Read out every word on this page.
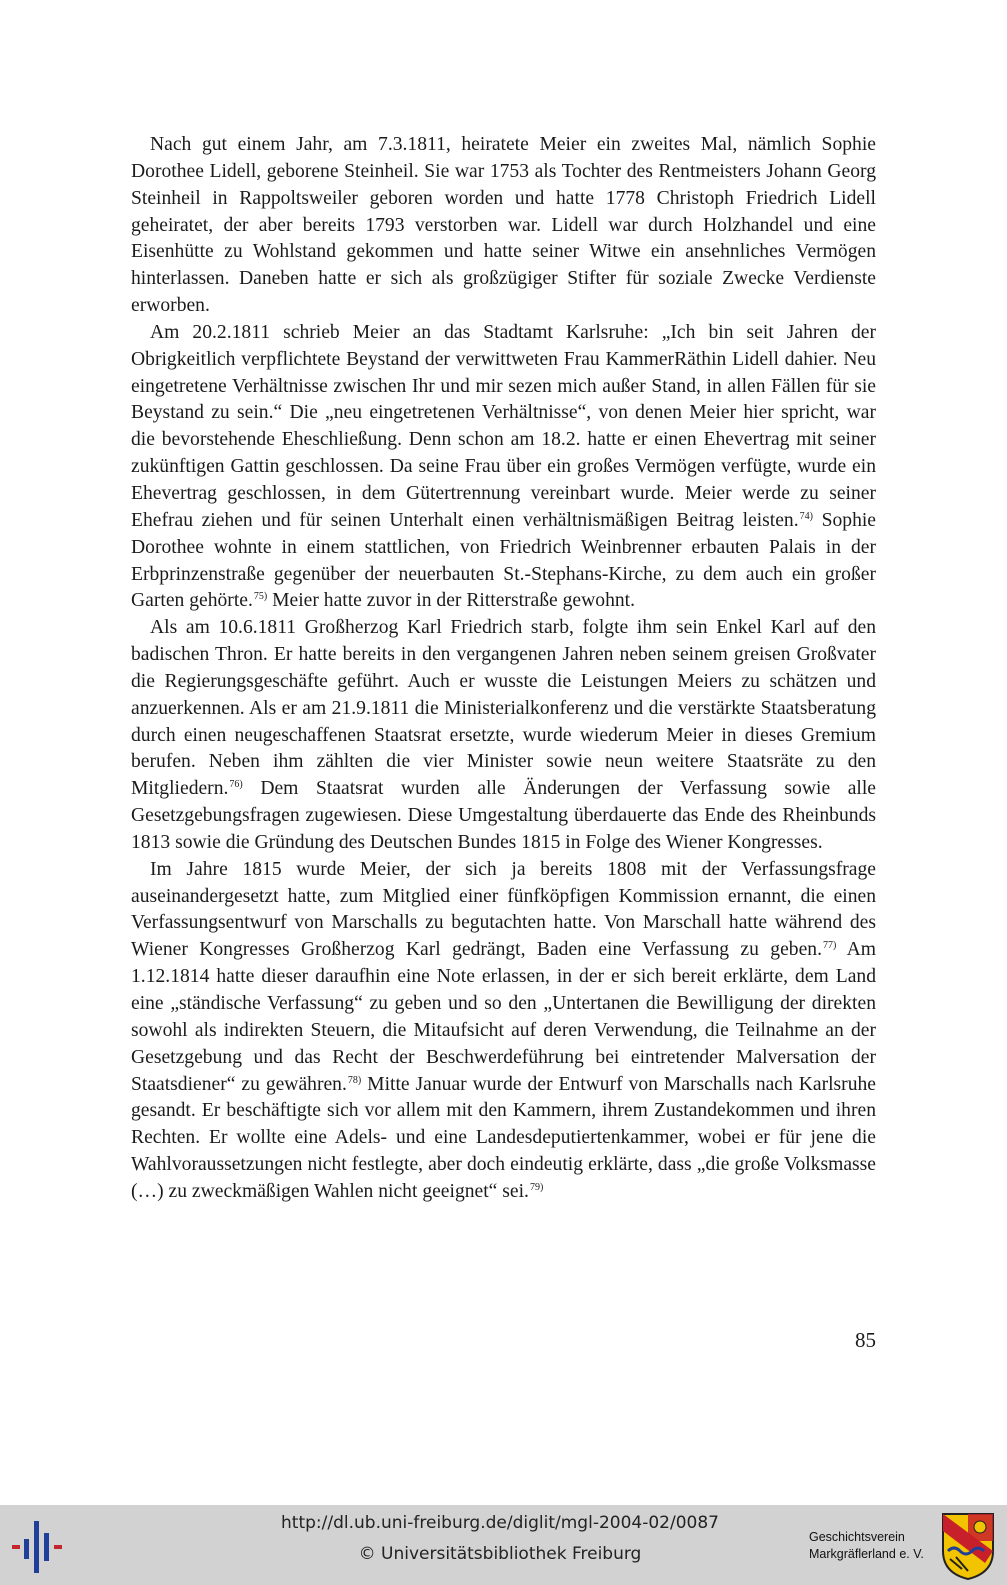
Nach gut einem Jahr, am 7.3.1811, heiratete Meier ein zweites Mal, nämlich Sophie Dorothee Lidell, geborene Steinheil. Sie war 1753 als Tochter des Rentmeisters Johann Georg Steinheil in Rappoltsweiler geboren worden und hatte 1778 Christoph Friedrich Lidell geheiratet, der aber bereits 1793 verstorben war. Lidell war durch Holzhandel und eine Eisenhütte zu Wohlstand gekommen und hatte seiner Witwe ein ansehnliches Vermögen hinterlassen. Daneben hatte er sich als großzügiger Stifter für soziale Zwecke Verdienste erworben.

Am 20.2.1811 schrieb Meier an das Stadtamt Karlsruhe: „Ich bin seit Jahren der Obrigkeitlich verpflichtete Beystand der verwittweten Frau KammerRäthin Lidell dahier. Neu eingetretene Verhältnisse zwischen Ihr und mir sezen mich außer Stand, in allen Fällen für sie Beystand zu sein.“ Die „neu eingetretenen Verhältnisse“, von denen Meier hier spricht, war die bevorstehende Eheschließung. Denn schon am 18.2. hatte er einen Ehevertrag mit seiner zukünftigen Gattin geschlossen. Da seine Frau über ein großes Vermögen verfügte, wurde ein Ehevertrag geschlossen, in dem Gütertrennung vereinbart wurde. Meier werde zu seiner Ehefrau ziehen und für seinen Unterhalt einen verhältnismäßigen Beitrag leisten.$^{74)}$ Sophie Dorothee wohnte in einem stattlichen, von Friedrich Weinbrenner erbauten Palais in der Erbprinzenstraße gegenüber der neuerbauten St.-Stephans-Kirche, zu dem auch ein großer Garten gehörte.$^{75)}$ Meier hatte zuvor in der Ritterstraße gewohnt.

Als am 10.6.1811 Großherzog Karl Friedrich starb, folgte ihm sein Enkel Karl auf den badischen Thron. Er hatte bereits in den vergangenen Jahren neben seinem greisen Großvater die Regierungsgeschäfte geführt. Auch er wusste die Leistungen Meiers zu schätzen und anzuerkennen. Als er am 21.9.1811 die Ministerialkonferenz und die verstärkte Staatsberatung durch einen neugeschaffenen Staatsrat ersetzte, wurde wiederum Meier in dieses Gremium berufen. Neben ihm zählten die vier Minister sowie neun weitere Staatsräte zu den Mitgliedern.$^{76)}$ Dem Staatsrat wurden alle Änderungen der Verfassung sowie alle Gesetzgebungsfragen zugewiesen. Diese Umgestaltung überdauerte das Ende des Rheinbunds 1813 sowie die Gründung des Deutschen Bundes 1815 in Folge des Wiener Kongresses.

Im Jahre 1815 wurde Meier, der sich ja bereits 1808 mit der Verfassungsfrage auseinandergesetzt hatte, zum Mitglied einer fünfköpfigen Kommission ernannt, die einen Verfassungsentwurf von Marschalls zu begutachten hatte. Von Marschall hatte während des Wiener Kongresses Großherzog Karl gedrängt, Baden eine Verfassung zu geben.$^{77)}$ Am 1.12.1814 hatte dieser daraufhin eine Note erlassen, in der er sich bereit erklärte, dem Land eine „ständische Verfassung“ zu geben und so den „Untertanen die Bewilligung der direkten sowohl als indirekten Steuern, die Mitaufsicht auf deren Verwendung, die Teilnahme an der Gesetzgebung und das Recht der Beschwerdeführung bei eintretender Malversation der Staatsdiener“ zu gewähren.$^{78)}$ Mitte Januar wurde der Entwurf von Marschalls nach Karlsruhe gesandt. Er beschäftigte sich vor allem mit den Kammern, ihrem Zustandekommen und ihren Rechten. Er wollte eine Adels- und eine Landesdeputiertenkammer, wobei er für jene die Wahlvoraussetzungen nicht festlegte, aber doch eindeutig erklärte, dass „die große Volksmasse (…) zu zweckmäßigen Wahlen nicht geeignet“ sei.$^{79)}$

85
http://dl.ub.uni-freiburg.de/diglit/mgl-2004-02/0087
© Universitätsbibliothek Freiburg
Geschichtsverein
Markgräflerland e. V.
